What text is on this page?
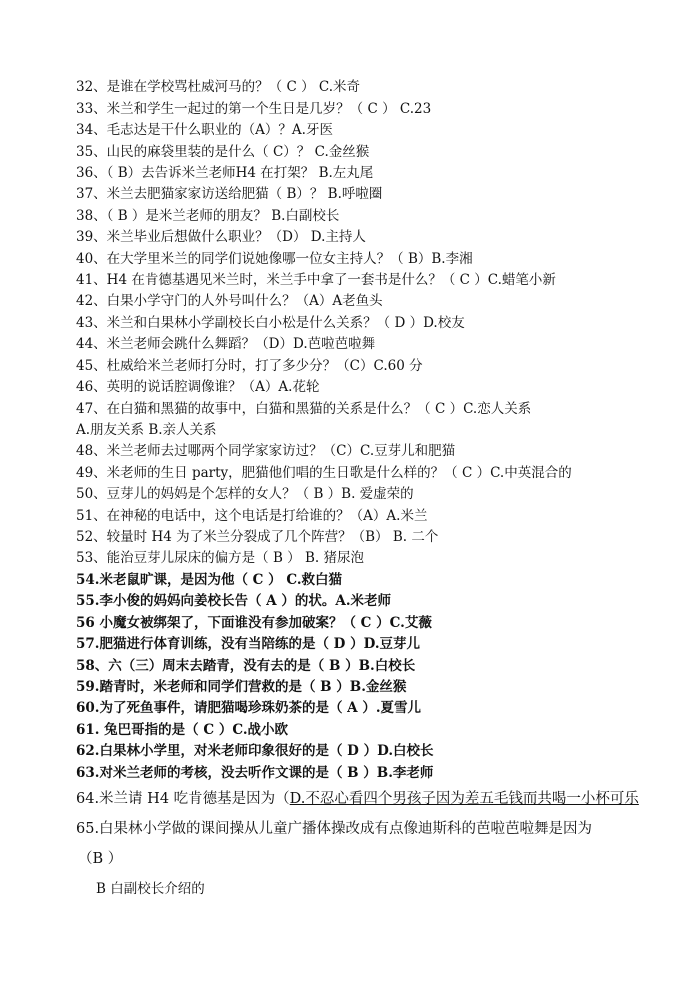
32、是谁在学校骂杜威河马的？（ C ） C.米奇
33、米兰和学生一起过的第一个生日是几岁？（ C ） C.23
34、毛志达是干什么职业的（A）？A.牙医
35、山民的麻袋里装的是什么（ C）？ C.金丝猴
36、（ B）去告诉米兰老师H4 在打架？ B.左丸尾
37、米兰去肥猫家家访送给肥猫（ B）？ B.呼啦圈
38、（ B ）是米兰老师的朋友？ B.白副校长
39、米兰毕业后想做什么职业？（D） D.主持人
40、在大学里米兰的同学们说她像哪一位女主持人？（ B）B.李湘
41、H4 在肯德基遇见米兰时，米兰手中拿了一套书是什么？（ C ）C.蜡笔小新
42、白果小学守门的人外号叫什么？（A）A老鱼头
43、米兰和白果林小学副校长白小松是什么关系？（ D ）D.校友
44、米兰老师会跳什么舞蹈？（D）D.芭啦芭啦舞
45、杜威给米兰老师打分时，打了多少分？（C）C.60 分
46、英明的说话腔调像谁？（A）A.花轮
47、在白猫和黑猫的故事中，白猫和黑猫的关系是什么？（ C ）C.恋人关系
A.朋友关系 B.亲人关系
48、米兰老师去过哪两个同学家家访过？（C）C.豆芽儿和肥猫
49、米老师的生日 party，肥猫他们唱的生日歌是什么样的？（ C ）C.中英混合的
50、豆芽儿的妈妈是个怎样的女人？（ B ）B. 爱虚荣的
51、在神秘的电话中，这个电话是打给谁的？（A）A.米兰
52、较量时 H4 为了米兰分裂成了几个阵营？（B） B. 二个
53、能治豆芽儿尿床的偏方是（ B ） B. 猪尿泡
54.米老鼠旷课，是因为他（ C ） C.救白猫
55.李小俊的妈妈向姜校长告（ A ）的状。A.米老师
56 小魔女被绑架了，下面谁没有参加破案？（ C ）C.艾薇
57.肥猫进行体育训练，没有当陪练的是（ D ）D.豆芽儿
58、六（三）周末去踏青，没有去的是（ B ）B.白校长
59.踏青时，米老师和同学们营救的是（ B ）B.金丝猴
60.为了死鱼事件，请肥猫喝珍珠奶茶的是（ A ）.夏雪儿
61. 兔巴哥指的是（ C ）C.战小欧
62.白果林小学里，对米老师印象很好的是（ D ）D.白校长
63.对米兰老师的考核，没去听作文课的是（ B ）B.李老师
64.米兰请 H4 吃肯德基是因为（D.不忍心看四个男孩子因为差五毛钱而共喝一小杯可乐
65.白果林小学做的课间操从儿童广播体操改成有点像迪斯科的芭啦芭啦舞是因为
（B ）
B 白副校长介绍的
